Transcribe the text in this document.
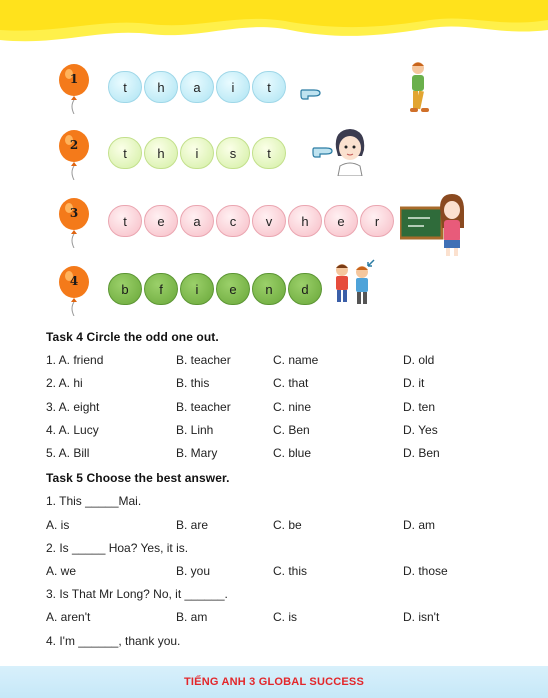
1
t	h	a	i	t
2
t	h	i	s	t
3
t	e	a	c	v	h	e	r
4
b	f	i	e	n	d
Task 4 Circle the odd one out.
1. A. friend	B. teacher	C. name	D. old
2. A. hi	B. this	C. that	D. it
3. A. eight	B. teacher	C. nine	D. ten
4. A. Lucy	B. Linh	C. Ben	D. Yes
5. A. Bill	B. Mary	C. blue	D. Ben
Task 5 Choose the best answer.
1. This _____Mai.
A. is	B. are	C. be	D. am
2. Is _____ Hoa? Yes, it is.
A. we	B. you	C. this	D. those
3. Is That Mr Long? No, it ______.
A. aren't	B. am	C. is	D. isn't
4. I'm ______, thank you.
TIẾNG ANH 3 GLOBAL SUCCESS
